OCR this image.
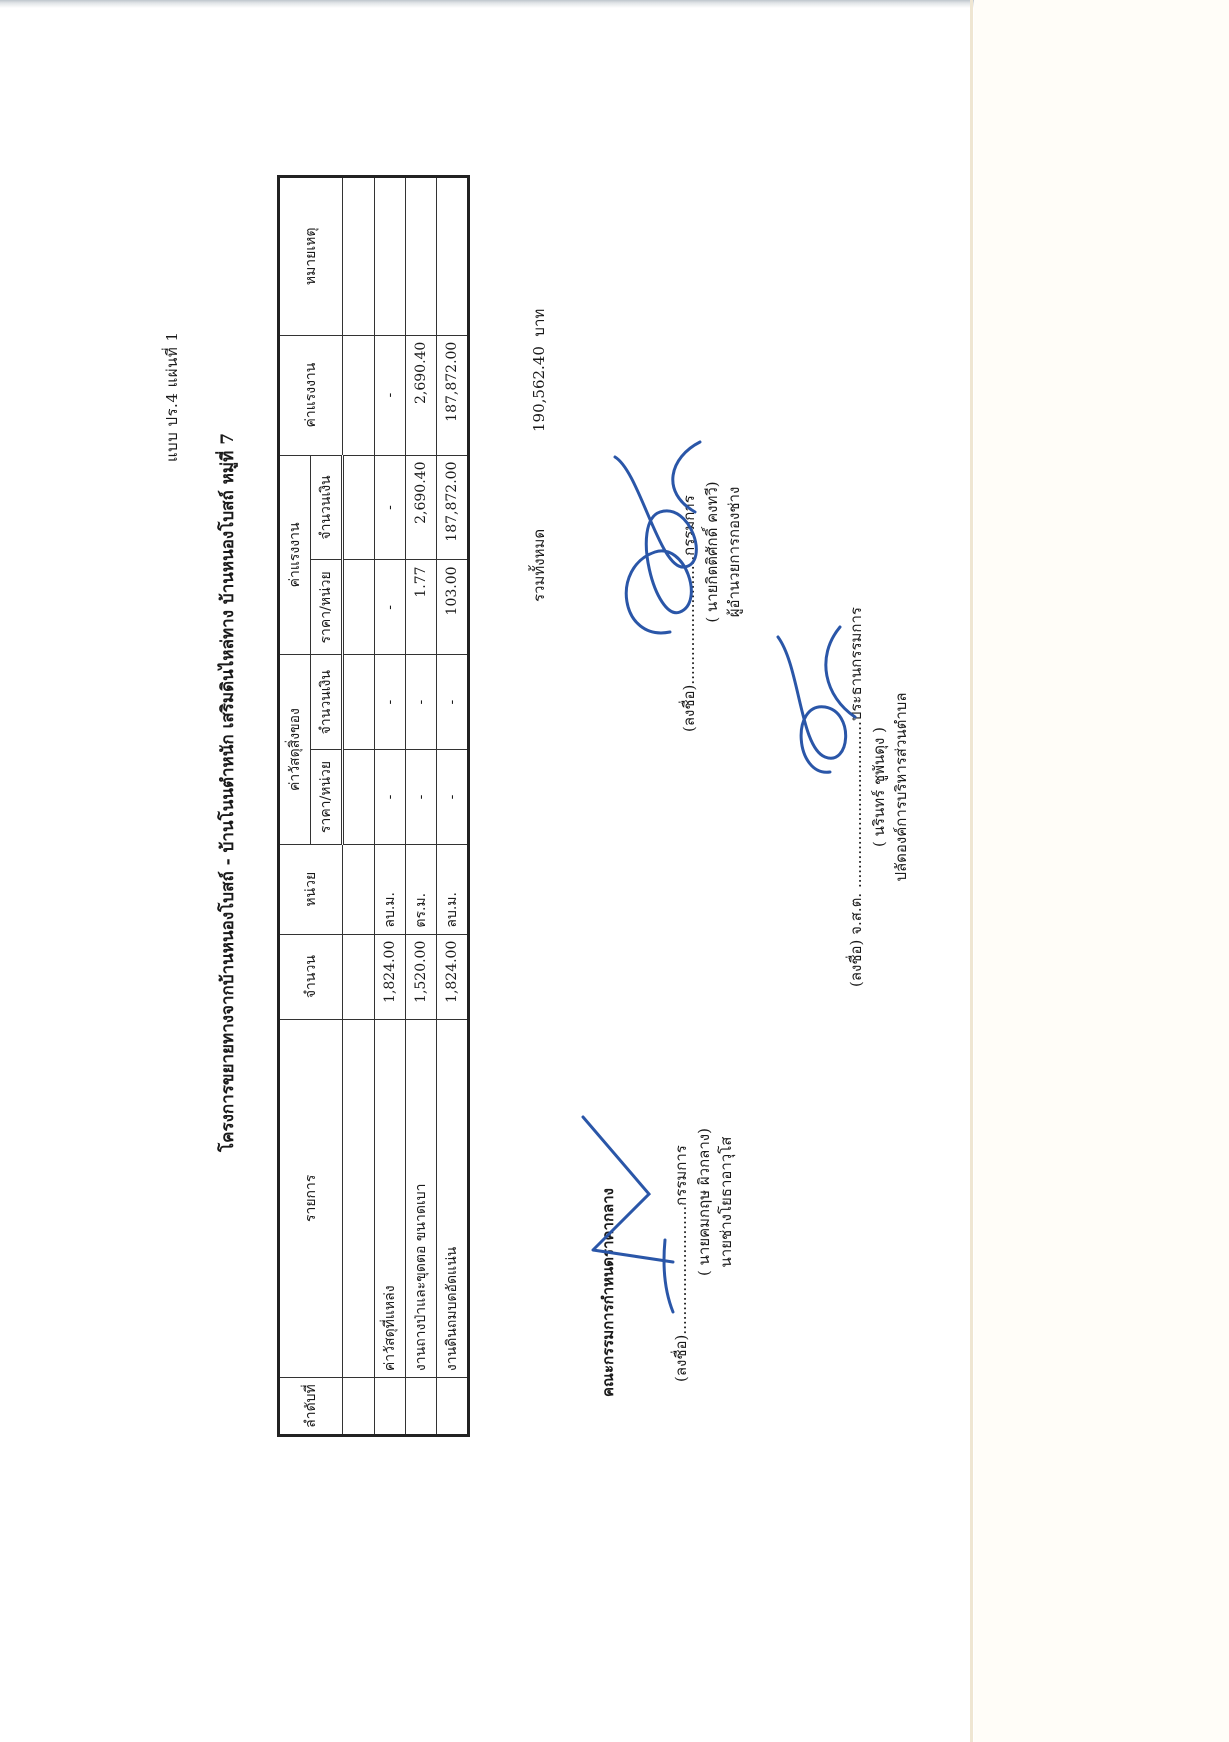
แบบ ปร.4 แผ่นที่ 1
โครงการขยายทางจากบ้านหนองโบสถ์ - บ้านโนนตำหนัก เสริมดินไหล่ทาง บ้านหนองโบสถ์ หมู่ที่ 7
ลำดับที่	รายการ	จำนวน	หน่วย	ค่าวัสดุสิ่งของ		ค่าแรงงาน		ค่าแรงงาน	หมายเหตุ
				ราคา/หน่วย	จำนวนเงิน	ราคา/หน่วย	จำนวนเงิน		

	ค่าวัสดุที่แหล่ง	1,824.00	ลบ.ม.	-	-	-	-	-	
	งานถางป่าและขุดตอ ขนาดเบา	1,520.00	ตร.ม.	-	-	1.77	2,690.40	2,690.40	
	งานดินถมบดอัดแน่น	1,824.00	ลบ.ม.	-	-	103.00	187,872.00	187,872.00	
รวมทั้งหมด
190,562.40  บาท
คณะกรรมการกำหนดราคากลาง	(ลงชื่อ)...........................กรรมการ ( นายคมกฤษ ผิวกลาง) นายช่างโยธาอาวุโส
(ลงชื่อ)...........................กรรมการ ( นายกิตติศักดิ์ คงทวี) ผู้อำนวยการกองช่าง
(ลงชื่อ) จ.ส.ต. ...................................ประธานกรรมการ
( นรินทร์ ชูพันดุง ) ปลัดองค์การบริหารส่วนตำบล
